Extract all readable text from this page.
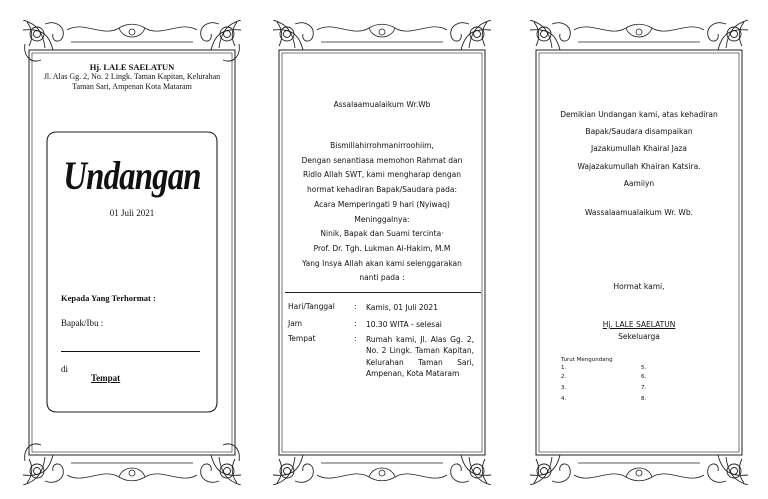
Hj. LALE SAELATUN
Jl. Alas Gg. 2, No. 2 Lingk. Taman Kapitan, Kelurahan Taman Sari, Ampenan Kota Mataram
Undangan
01 Juli 2021
Kepada Yang Terhormat :
Bapak/Ibu :
di
Tempat
Assalaamualaikum Wr.Wb
Bismillahirrohmanirroohiim,
Dengan senantiasa memohon Rahmat dan
Ridlo Allah SWT, kami mengharap dengan
hormat kehadiran Bapak/Saudara pada:
Acara Memperingati 9 hari (Nyiwaq)
Meninggalnya:
Ninik, Bapak dan Suami tercinta·
Prof. Dr. Tgh. Lukman Al-Hakim, M.M
Yang Insya Allah akan kami selenggarakan
nanti pada :
Hari/Tanggal	: Kamis, 01 Juli 2021
Jam	: 10.30 WITA - selesai
Tempat	: Rumah kami, Jl. Alas Gg. 2, No. 2 Lingk. Taman Kapitan, Kelurahan Taman Sari, Ampenan, Kota Mataram
Demikian Undangan kami, atas kehadiran
Bapak/Saudara disampaikan
Jazakumullah Khairal Jaza
Wajazakumullah Khairan Katsira.
Aamiiyn
Wassalaamualaikum Wr. Wb.
Hormat kami,
Hj. LALE SAELATUN
Sekeluarga
Turut Mengundang
1.
2.
3.
4.
5.
6.
7.
8.
